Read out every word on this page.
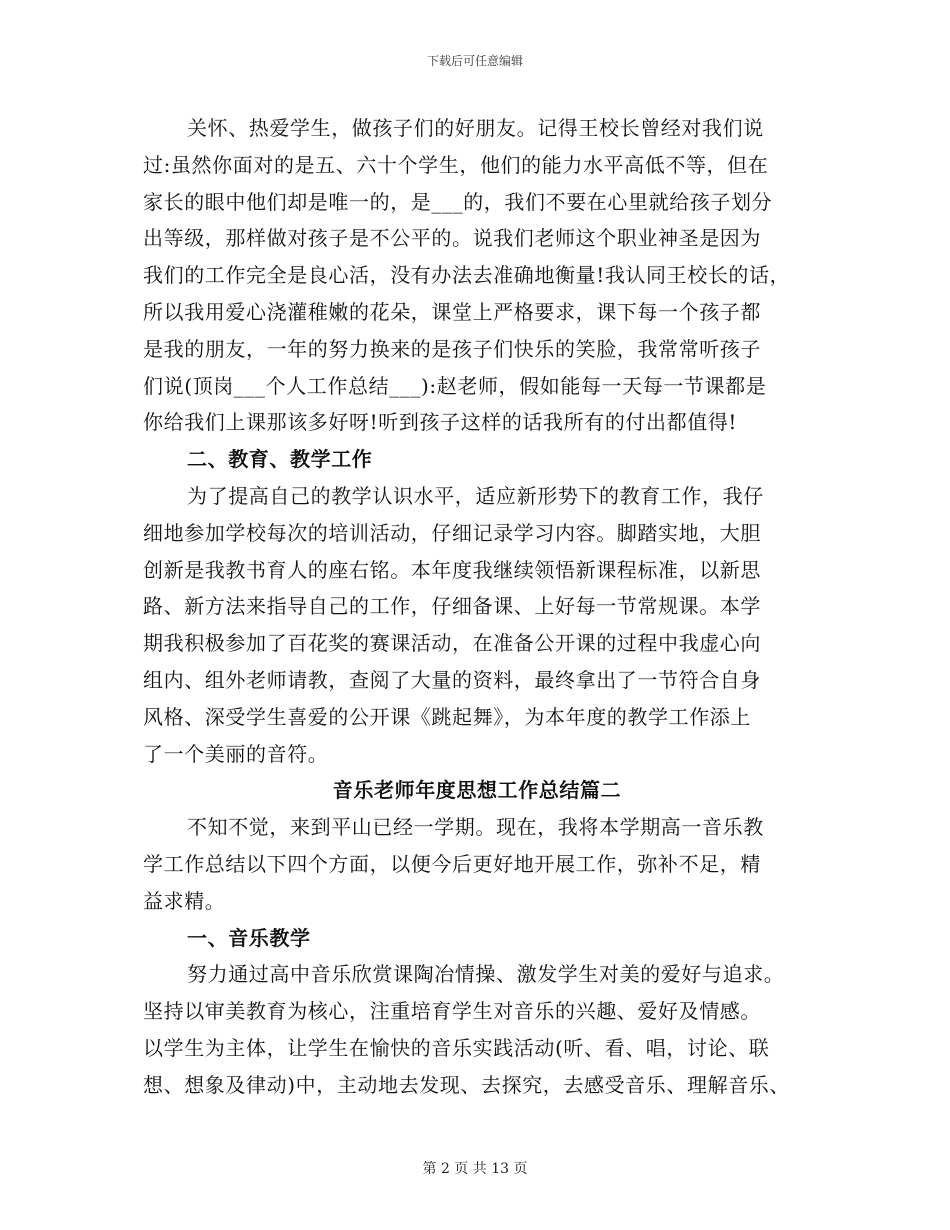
下载后可任意编辑
关怀、热爱学生，做孩子们的好朋友。记得王校长曾经对我们说
过:虽然你面对的是五、六十个学生，他们的能力水平高低不等，但在
家长的眼中他们却是唯一的，是___的，我们不要在心里就给孩子划分
出等级，那样做对孩子是不公平的。说我们老师这个职业神圣是因为
我们的工作完全是良心活，没有办法去准确地衡量!我认同王校长的话，
所以我用爱心浇灌稚嫩的花朵，课堂上严格要求，课下每一个孩子都
是我的朋友，一年的努力换来的是孩子们快乐的笑脸，我常常听孩子
们说(顶岗___个人工作总结___):赵老师，假如能每一天每一节课都是
你给我们上课那该多好呀!听到孩子这样的话我所有的付出都值得!
二、教育、教学工作
为了提高自己的教学认识水平，适应新形势下的教育工作，我仔
细地参加学校每次的培训活动，仔细记录学习内容。脚踏实地，大胆
创新是我教书育人的座右铭。本年度我继续领悟新课程标准，以新思
路、新方法来指导自己的工作，仔细备课、上好每一节常规课。本学
期我积极参加了百花奖的赛课活动，在准备公开课的过程中我虚心向
组内、组外老师请教，查阅了大量的资料，最终拿出了一节符合自身
风格、深受学生喜爱的公开课《跳起舞》，为本年度的教学工作添上
了一个美丽的音符。
音乐老师年度思想工作总结篇二
不知不觉，来到平山已经一学期。现在，我将本学期高一音乐教
学工作总结以下四个方面，以便今后更好地开展工作，弥补不足，精
益求精。
一、音乐教学
努力通过高中音乐欣赏课陶冶情操、激发学生对美的爱好与追求。
坚持以审美教育为核心，注重培育学生对音乐的兴趣、爱好及情感。
以学生为主体，让学生在愉快的音乐实践活动(听、看、唱，讨论、联
想、想象及律动)中，主动地去发现、去探究，去感受音乐、理解音乐、
第 2 页 共 13 页
